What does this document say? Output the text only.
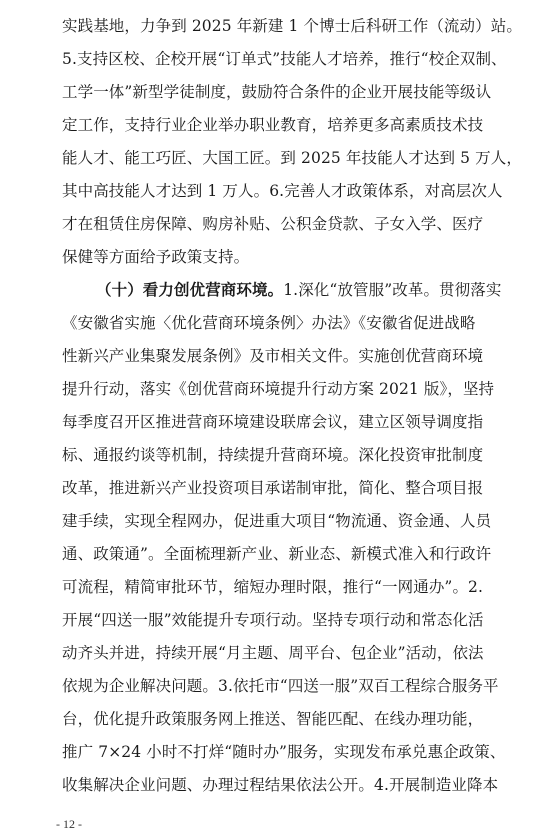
实践基地，力争到 2025 年新建 1 个博士后科研工作（流动）站。
5.支持区校、企校开展“订单式”技能人才培养，推行“校企双制、
工学一体”新型学徒制度，鼓励符合条件的企业开展技能等级认
定工作，支持行业企业举办职业教育，培养更多高素质技术技
能人才、能工巧匠、大国工匠。到 2025 年技能人才达到 5 万人，
其中高技能人才达到 1 万人。6.完善人才政策体系，对高层次人
才在租赁住房保障、购房补贴、公积金贷款、子女入学、医疗
保健等方面给予政策支持。
（十）看力创优营商环境。1.深化“放管服”改革。贯彻落实
《安徽省实施〈优化营商环境条例〉办法》《安徽省促进战略
性新兴产业集聚发展条例》及市相关文件。实施创优营商环境
提升行动，落实《创优营商环境提升行动方案 2021 版》，坚持
每季度召开区推进营商环境建设联席会议，建立区领导调度指
标、通报约谈等机制，持续提升营商环境。深化投资审批制度
改革，推进新兴产业投资项目承诺制审批，简化、整合项目报
建手续，实现全程网办，促进重大项目“物流通、资金通、人员
通、政策通”。全面梳理新产业、新业态、新模式准入和行政许
可流程，精简审批环节，缩短办理时限，推行“一网通办”。2.
开展“四送一服”效能提升专项行动。坚持专项行动和常态化活
动齐头并进，持续开展“月主题、周平台、包企业”活动，依法
依规为企业解决问题。3.依托市“四送一服”双百工程综合服务平
台，优化提升政策服务网上推送、智能匹配、在线办理功能，
推广 7×24 小时不打烊“随时办”服务，实现发布承兑惠企政策、
收集解决企业问题、办理过程结果依法公开。4.开展制造业降本
- 12 -
